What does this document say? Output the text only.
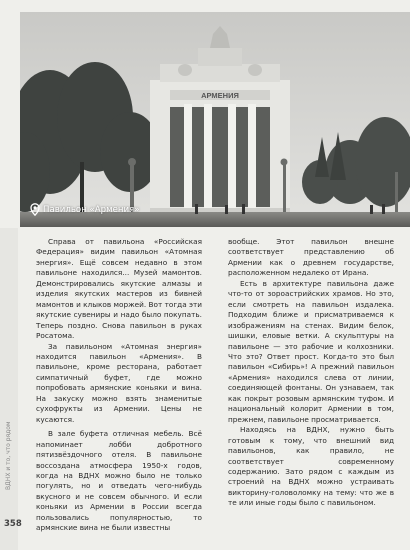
АРМЕНИЯ
Павильон «Армения»
ВДНХ и то, что рядом
358

Справа от павильона «Российская Федерация» видим павильон «Атомная энергия». Ещё совсем недавно в этом павильоне находился... Музей мамонтов. Демонстрировались якутские алмазы и изделия якутских мастеров из бивней мамонтов и клыков моржей. Вот тогда эти якутские сувениры и надо было покупать. Теперь поздно. Снова павильон в руках Росатома.

За павильоном «Атомная энергия» находится павильон «Армения». В павильоне, кроме ресторана, работает симпатичный буфет, где можно попробовать армянские коньяки и вина. На закуску можно взять знаменитые сухофрукты из Армении. Цены не кусаются.

В зале буфета отличная мебель. Всё напоминает лобби добротного пятизвёздочного отеля. В павильоне воссоздана атмосфера 1950-х годов, когда на ВДНХ можно было не только погулять, но и отведать чего-нибудь вкусного и не совсем обычного. И если коньяки из Армении в России всегда пользовались популярностью, то армянские вина не были известны

вообще. Этот павильон внешне соответствует представлению об Армении как о древнем государстве, расположенном недалеко от Ирана.

Есть в архитектуре павильона даже что-то от зороастрийских храмов. Но это, если смотреть на павильон издалека. Подходим ближе и присматриваемся к изображениям на стенах. Видим белок, шишки, еловые ветки. А скульптуры на павильоне — это рабочие и колхозники. Что это? Ответ прост. Когда-то это был павильон «Сибирь»! А прежний павильон «Армения» находился слева от линии, соединяющей фонтаны. Он узнаваем, так как покрыт розовым армянским туфом. И национальный колорит Армении в том, прежнем, павильоне просматривается.

Находясь на ВДНХ, нужно быть готовым к тому, что внешний вид павильонов, как правило, не соответствует современному содержанию. Зато рядом с каждым из строений на ВДНХ можно устраивать викторину-головоломку на тему: что же в те или иные годы было с павильоном.
